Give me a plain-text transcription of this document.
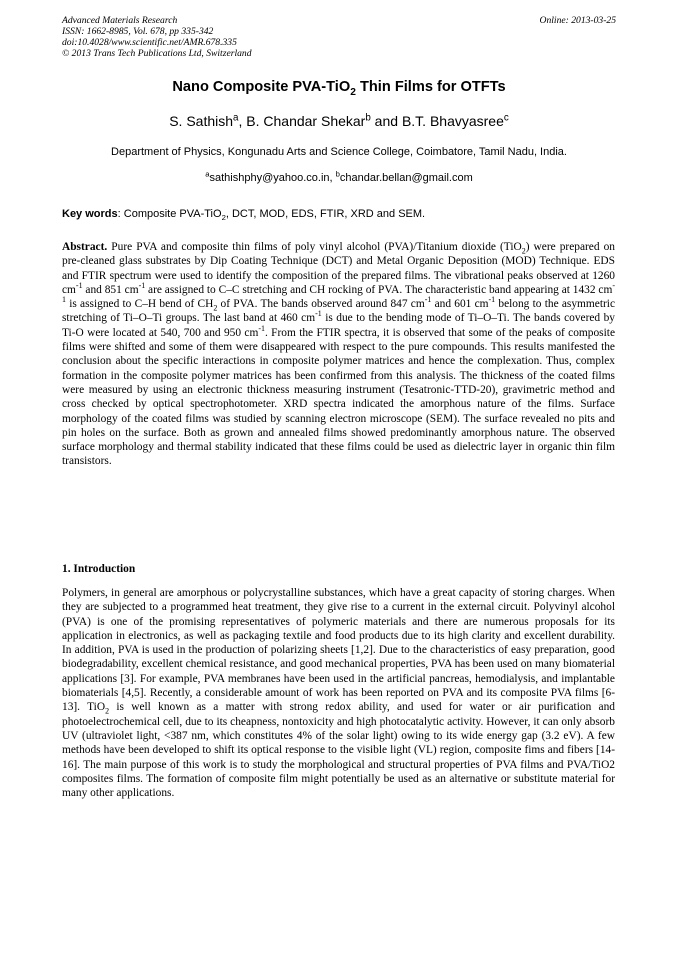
Advanced Materials Research
ISSN: 1662-8985, Vol. 678, pp 335-342
doi:10.4028/www.scientific.net/AMR.678.335
© 2013 Trans Tech Publications Ltd, Switzerland
Online: 2013-03-25
Nano Composite PVA-TiO$_2$ Thin Films for OTFTs
S. Sathish$^a$, B. Chandar Shekar$^b$ and B.T. Bhavyasree$^c$
Department of Physics, Kongunadu Arts and Science College, Coimbatore, Tamil Nadu, India.
$^a$sathishphy@yahoo.co.in, $^b$chandar.bellan@gmail.com
Key words: Composite PVA-TiO$_2$, DCT, MOD, EDS, FTIR, XRD and SEM.
Abstract. Pure PVA and composite thin films of poly vinyl alcohol (PVA)/Titanium dioxide (TiO$_2$) were prepared on pre-cleaned glass substrates by Dip Coating Technique (DCT) and Metal Organic Deposition (MOD) Technique. EDS and FTIR spectrum were used to identify the composition of the prepared films. The vibrational peaks observed at 1260 $cm^{-1}$ and 851 $cm^{-1}$ are assigned to C–C stretching and CH rocking of PVA. The characteristic band appearing at 1432 $cm^{-1}$ is assigned to C–H bend of $CH_2$ of PVA. The bands observed around 847 $cm^{-1}$ and 601 $cm^{-1}$ belong to the asymmetric stretching of Ti–O–Ti groups. The last band at 460 $cm^{-1}$ is due to the bending mode of Ti–O–Ti. The bands covered by Ti-O were located at 540, 700 and 950 $cm^{-1}$. From the FTIR spectra, it is observed that some of the peaks of composite films were shifted and some of them were disappeared with respect to the pure compounds. This results manifested the conclusion about the specific interactions in composite polymer matrices and hence the complexation. Thus, complex formation in the composite polymer matrices has been confirmed from this analysis. The thickness of the coated films were measured by using an electronic thickness measuring instrument (Tesatronic-TTD-20), gravimetric method and cross checked by optical spectrophotometer. XRD spectra indicated the amorphous nature of the films. Surface morphology of the coated films was studied by scanning electron microscope (SEM). The surface revealed no pits and pin holes on the surface. Both as grown and annealed films showed predominantly amorphous nature. The observed surface morphology and thermal stability indicated that these films could be used as dielectric layer in organic thin film transistors.
1. Introduction
Polymers, in general are amorphous or polycrystalline substances, which have a great capacity of storing charges. When they are subjected to a programmed heat treatment, they give rise to a current in the external circuit. Polyvinyl alcohol (PVA) is one of the promising representatives of polymeric materials and there are numerous proposals for its application in electronics, as well as packaging textile and food products due to its high clarity and excellent durability. In addition, PVA is used in the production of polarizing sheets [1,2]. Due to the characteristics of easy preparation, good biodegradability, excellent chemical resistance, and good mechanical properties, PVA has been used on many biomaterial applications [3]. For example, PVA membranes have been used in the artificial pancreas, hemodialysis, and implantable biomaterials [4,5]. Recently, a considerable amount of work has been reported on PVA and its composite PVA films [6-13]. TiO$_2$ is well known as a matter with strong redox ability, and used for water or air purification and photoelectrochemical cell, due to its cheapness, nontoxicity and high photocatalytic activity. However, it can only absorb UV (ultraviolet light, <387 nm, which constitutes 4% of the solar light) owing to its wide energy gap (3.2 eV). A few methods have been developed to shift its optical response to the visible light (VL) region, composite fims and fibers [14-16]. The main purpose of this work is to study the morphological and structural properties of PVA films and PVA/TiO2 composites films. The formation of composite film might potentially be used as an alternative or substitute material for many other applications.
